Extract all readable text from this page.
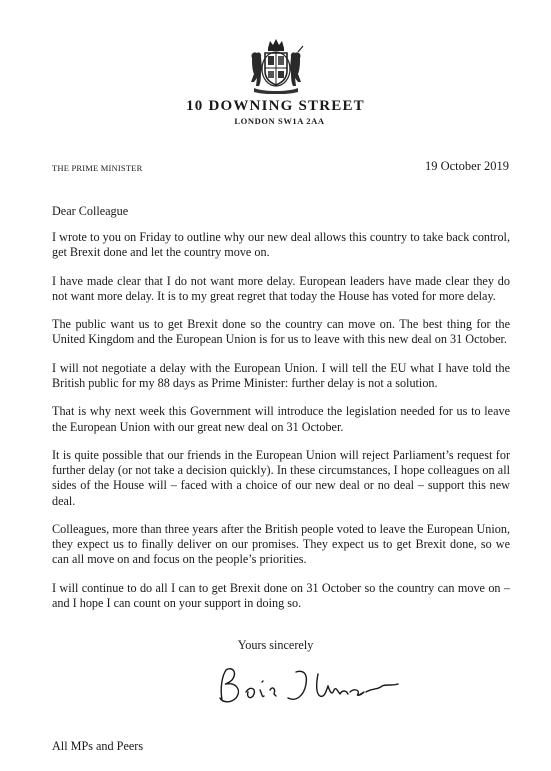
10 DOWNING STREET
LONDON SW1A 2AA
THE PRIME MINISTER	19 October 2019
Dear Colleague

I wrote to you on Friday to outline why our new deal allows this country to take back control, get Brexit done and let the country move on.

I have made clear that I do not want more delay. European leaders have made clear they do not want more delay. It is to my great regret that today the House has voted for more delay.

The public want us to get Brexit done so the country can move on. The best thing for the United Kingdom and the European Union is for us to leave with this new deal on 31 October.

I will not negotiate a delay with the European Union. I will tell the EU what I have told the British public for my 88 days as Prime Minister: further delay is not a solution.

That is why next week this Government will introduce the legislation needed for us to leave the European Union with our great new deal on 31 October.

It is quite possible that our friends in the European Union will reject Parliament’s request for further delay (or not take a decision quickly). In these circumstances, I hope colleagues on all sides of the House will – faced with a choice of our new deal or no deal – support this new deal.

Colleagues, more than three years after the British people voted to leave the European Union, they expect us to finally deliver on our promises. They expect us to get Brexit done, so we can all move on and focus on the people’s priorities.

I will continue to do all I can to get Brexit done on 31 October so the country can move on – and I hope I can count on your support in doing so.

Yours sincerely
All MPs and Peers
